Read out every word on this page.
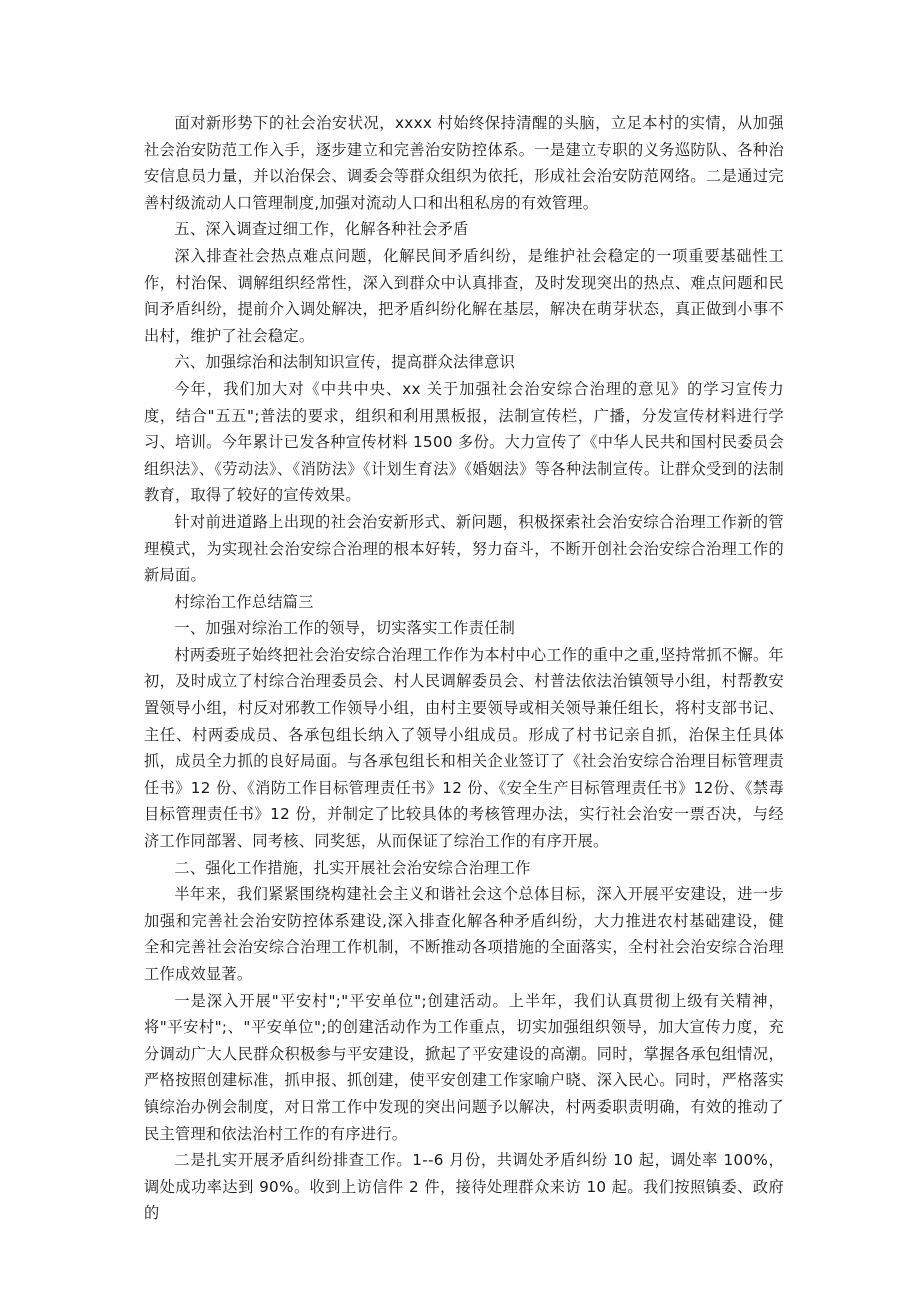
面对新形势下的社会治安状况，xxxx 村始终保持清醒的头脑，立足本村的实情，从加强社会治安防范工作入手，逐步建立和完善治安防控体系。一是建立专职的义务巡防队、各种治安信息员力量，并以治保会、调委会等群众组织为依托，形成社会治安防范网络。二是通过完善村级流动人口管理制度,加强对流动人口和出租私房的有效管理。

五、深入调查过细工作，化解各种社会矛盾

深入排查社会热点难点问题，化解民间矛盾纠纷，是维护社会稳定的一项重要基础性工作，村治保、调解组织经常性，深入到群众中认真排查，及时发现突出的热点、难点问题和民间矛盾纠纷，提前介入调处解决，把矛盾纠纷化解在基层，解决在萌芽状态，真正做到小事不出村，维护了社会稳定。

六、加强综治和法制知识宣传，提高群众法律意识

今年，我们加大对《中共中央、xx 关于加强社会治安综合治理的意见》的学习宣传力度，结合"五五";普法的要求，组织和利用黑板报，法制宣传栏，广播，分发宣传材料进行学习、培训。今年累计已发各种宣传材料 1500 多份。大力宣传了《中华人民共和国村民委员会组织法》、《劳动法》、《消防法》《计划生育法》《婚姻法》等各种法制宣传。让群众受到的法制教育，取得了较好的宣传效果。

针对前进道路上出现的社会治安新形式、新问题，积极探索社会治安综合治理工作新的管理模式，为实现社会治安综合治理的根本好转，努力奋斗，不断开创社会治安综合治理工作的新局面。

村综治工作总结篇三

一、加强对综治工作的领导，切实落实工作责任制

村两委班子始终把社会治安综合治理工作作为本村中心工作的重中之重,坚持常抓不懈。年初，及时成立了村综合治理委员会、村人民调解委员会、村普法依法治镇领导小组，村帮教安置领导小组，村反对邪教工作领导小组，由村主要领导或相关领导兼任组长，将村支部书记、主任、村两委成员、各承包组长纳入了领导小组成员。形成了村书记亲自抓，治保主任具体抓，成员全力抓的良好局面。与各承包组长和相关企业签订了《社会治安综合治理目标管理责任书》12 份、《消防工作目标管理责任书》12 份、《安全生产目标管理责任书》12份、《禁毒目标管理责任书》12 份，并制定了比较具体的考核管理办法，实行社会治安一票否决，与经济工作同部署、同考核、同奖惩，从而保证了综治工作的有序开展。

二、强化工作措施，扎实开展社会治安综合治理工作

半年来，我们紧紧围绕构建社会主义和谐社会这个总体目标，深入开展平安建设，进一步加强和完善社会治安防控体系建设,深入排查化解各种矛盾纠纷，大力推进农村基础建设，健全和完善社会治安综合治理工作机制，不断推动各项措施的全面落实，全村社会治安综合治理工作成效显著。

一是深入开展"平安村";"平安单位";创建活动。上半年，我们认真贯彻上级有关精神，将"平安村";、"平安单位";的创建活动作为工作重点，切实加强组织领导，加大宣传力度，充分调动广大人民群众积极参与平安建设，掀起了平安建设的高潮。同时，掌握各承包组情况，严格按照创建标准，抓申报、抓创建，使平安创建工作家喻户晓、深入民心。同时，严格落实镇综治办例会制度，对日常工作中发现的突出问题予以解决，村两委职责明确，有效的推动了民主管理和依法治村工作的有序进行。

二是扎实开展矛盾纠纷排查工作。1--6 月份，共调处矛盾纠纷 10 起，调处率 100%，调处成功率达到 90%。收到上访信件 2 件，接待处理群众来访 10 起。我们按照镇委、政府的
